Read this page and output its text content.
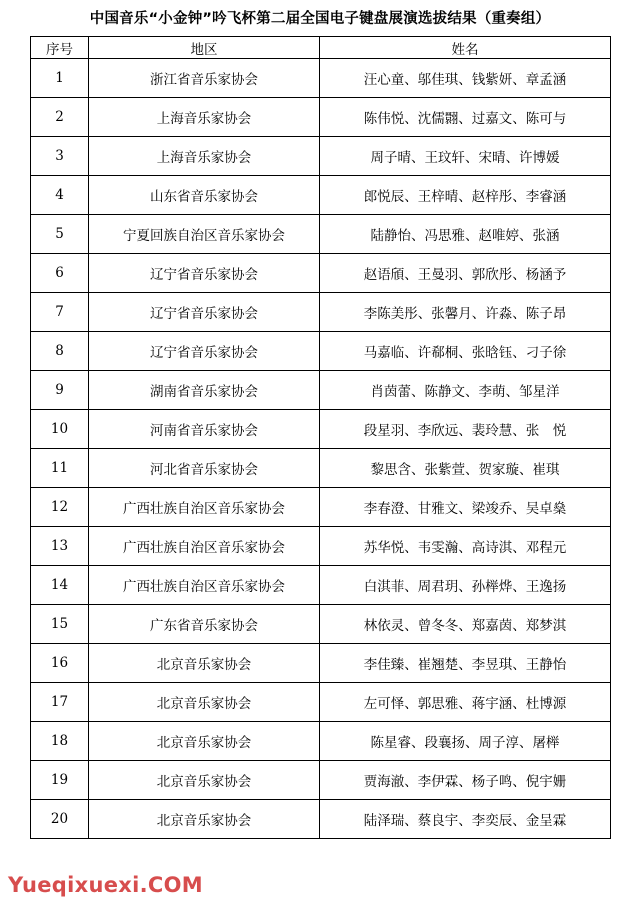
中国音乐“小金钟”吟飞杯第二届全国电子键盘展演选拔结果（重奏组）
序号	地区	姓名
1	浙江省音乐家协会	汪心童、邬佳琪、钱紫妍、章孟涵
2	上海音乐家协会	陈伟悦、沈儒翾、过嘉文、陈可与
3	上海音乐家协会	周子晴、王玟轩、宋晴、许博媛
4	山东省音乐家协会	郎悦辰、王梓晴、赵梓彤、李睿涵
5	宁夏回族自治区音乐家协会	陆静怡、冯思雅、赵唯婷、张涵
6	辽宁省音乐家协会	赵语頎、王曼羽、郭欣彤、杨涵予
7	辽宁省音乐家协会	李陈美彤、张馨月、许淼、陈子昂
8	辽宁省音乐家协会	马嘉临、许郗桐、张晗钰、刁子徐
9	湖南省音乐家协会	肖茵蕾、陈静文、李萌、邹星洋
10	河南省音乐家协会	段星羽、李欣远、裴玲慧、张　悦
11	河北省音乐家协会	黎思含、张紫萱、贺家璇、崔琪
12	广西壮族自治区音乐家协会	李春澄、甘雅文、梁竣乔、吴卓燊
13	广西壮族自治区音乐家协会	苏华悦、韦雯瀚、高诗淇、邓程元
14	广西壮族自治区音乐家协会	白淇菲、周君玥、孙榉烨、王逸扬
15	广东省音乐家协会	林依灵、曾冬冬、郑嘉茵、郑梦淇
16	北京音乐家协会	李佳臻、崔翘楚、李昱琪、王静怡
17	北京音乐家协会	左可怿、郭思雅、蒋宇涵、杜博源
18	北京音乐家协会	陈星睿、段襄扬、周子淳、屠榉
19	北京音乐家协会	贾海澈、李伊霖、杨子鸣、倪宇姗
20	北京音乐家协会	陆泽瑞、蔡良宇、李奕辰、金呈霖
Yueqixuexi.COM
